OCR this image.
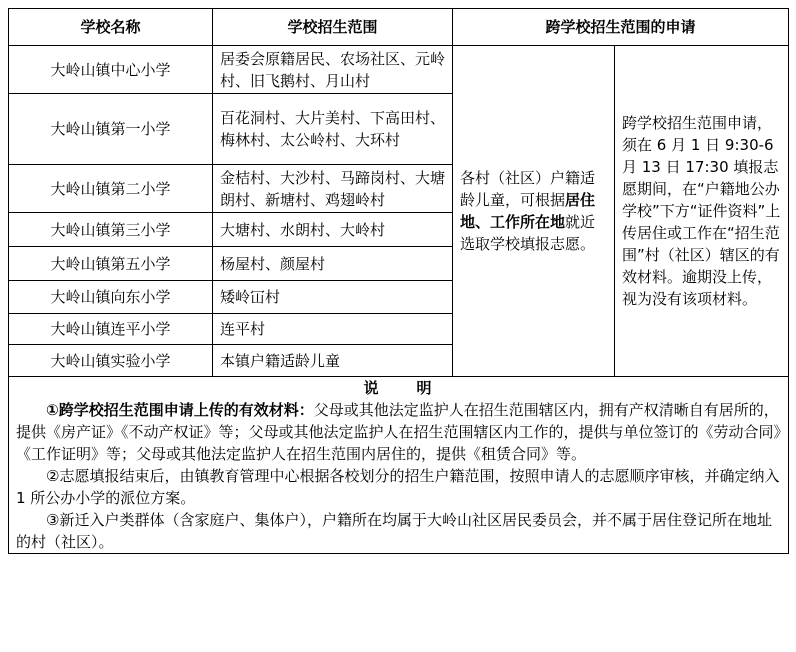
学校名称	学校招生范围	跨学校招生范围的申请	
大岭山镇中心小学	居委会原籍居民、农场社区、元岭村、旧飞鹅村、月山村	各村（社区）户籍适龄儿童，可根据居住地、工作所在地就近选取学校填报志愿。	跨学校招生范围申请，须在 6 月 1 日 9:30-6 月 13 日 17:30 填报志愿期间，在“户籍地公办学校”下方“证件资料”上传居住或工作在“招生范围”村（社区）辖区的有效材料。逾期没上传，视为没有该项材料。
大岭山镇第一小学	百花洞村、大片美村、下高田村、梅林村、太公岭村、大环村		
大岭山镇第二小学	金桔村、大沙村、马蹄岗村、大塘朗村、新塘村、鸡翅岭村		
大岭山镇第三小学	大塘村、水朗村、大岭村		
大岭山镇第五小学	杨屋村、颜屋村		
大岭山镇向东小学	矮岭冚村		
大岭山镇连平小学	连平村		
大岭山镇实验小学	本镇户籍适龄儿童		

说 明

①跨学校招生范围申请上传的有效材料：父母或其他法定监护人在招生范围辖区内，拥有产权清晰自有居所的，提供《房产证》《不动产权证》等；父母或其他法定监护人在招生范围辖区内工作的，提供与单位签订的《劳动合同》《工作证明》等；父母或其他法定监护人在招生范围内居住的，提供《租赁合同》等。

②志愿填报结束后，由镇教育管理中心根据各校划分的招生户籍范围，按照申请人的志愿顺序审核，并确定纳入 1 所公办小学的派位方案。

③新迁入户类群体（含家庭户、集体户），户籍所在均属于大岭山社区居民委员会，并不属于居住登记所在地址的村（社区）。			
